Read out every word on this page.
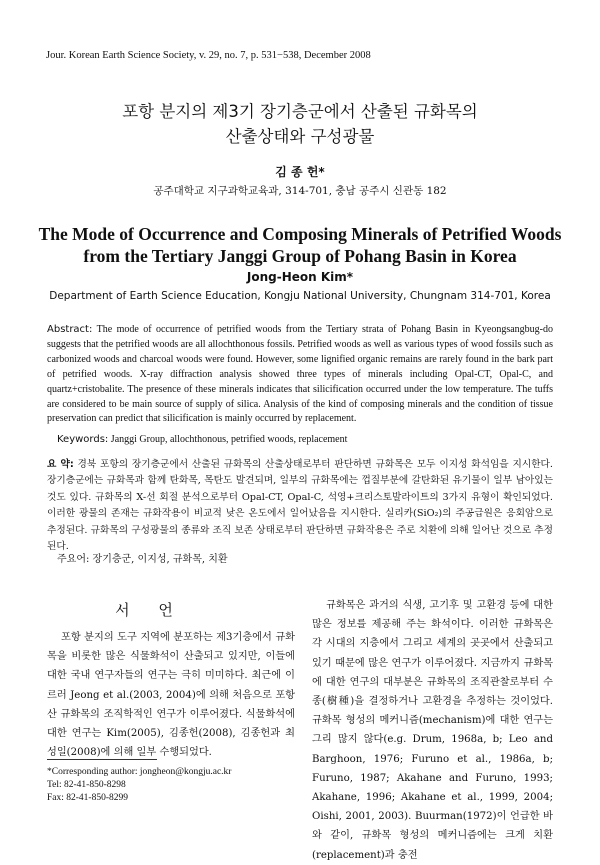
Jour. Korean Earth Science Society, v. 29, no. 7, p. 531−538, December 2008
포항 분지의 제3기 장기층군에서 산출된 규화목의
산출상태와 구성광물
김 종 헌*
공주대학교 지구과학교육과, 314-701, 충남 공주시 신관동 182
The Mode of Occurrence and Composing Minerals of Petrified Woods
from the Tertiary Janggi Group of Pohang Basin in Korea
Jong-Heon Kim*
Department of Earth Science Education, Kongju National University, Chungnam 314-701, Korea

Abstract: The mode of occurrence of petrified woods from the Tertiary strata of Pohang Basin in Kyeongsangbug-do suggests that the petrified woods are all allochthonous fossils. Petrified woods as well as various types of wood fossils such as carbonized woods and charcoal woods were found. However, some lignified organic remains are rarely found in the bark part of petrified woods. X-ray diffraction analysis showed three types of minerals including Opal-CT, Opal-C, and quartz+cristobalite. The presence of these minerals indicates that silicification occurred under the low temperature. The tuffs are considered to be main source of supply of silica. Analysis of the kind of composing minerals and the condition of tissue preservation can predict that silicification is mainly occurred by replacement.

Keywords: Janggi Group, allochthonous, petrified woods, replacement

요 약: 경북 포항의 장기층군에서 산출된 규화목의 산출상태로부터 판단하면 규화목은 모두 이지성 화석임을 지시한다. 장기층군에는 규화목과 함께 탄화목, 목탄도 발견되며, 일부의 규화목에는 껍질부분에 갈탄화된 유기물이 일부 남아있는 것도 있다. 규화목의 X-선 회절 분석으로부터 Opal-CT, Opal-C, 석영+크리스토발라이트의 3가지 유형이 확인되었다. 이러한 광물의 존재는 규화작용이 비교적 낮은 온도에서 일어났음을 지시한다. 실리카(SiO₂)의 주공급원은 응회암으로 추정된다. 규화목의 구성광물의 종류와 조직 보존 상태로부터 판단하면 규화작용은 주로 치환에 의해 일어난 것으로 추정된다.

주요어: 장기층군, 이지성, 규화목, 치환
서 언

포항 분지의 도구 지역에 분포하는 제3기층에서 규화목을 비롯한 많은 식물화석이 산출되고 있지만, 이들에 대한 국내 연구자들의 연구는 극히 미미하다. 최근에 이르러 Jeong et al.(2003, 2004)에 의해 처음으로 포항산 규화목의 조직학적인 연구가 이루어졌다. 식물화석에 대한 연구는 Kim(2005), 김종헌(2008), 김종헌과 최성일(2008)에 의해 일부 수행되었다.

규화목은 과거의 식생, 고기후 및 고환경 등에 대한 많은 정보를 제공해 주는 화석이다. 이러한 규화목은 각 시대의 지층에서 그리고 세계의 곳곳에서 산출되고 있기 때문에 많은 연구가 이루어졌다. 지금까지 규화목에 대한 연구의 대부분은 규화목의 조직관찰로부터 수종(樹種)을 결정하거나 고환경을 추정하는 것이었다. 규화목 형성의 메커니즘(mechanism)에 대한 연구는 그리 많지 않다(e.g. Drum, 1968a, b; Leo and Barghoon, 1976; Furuno et al., 1986a, b; Furuno, 1987; Akahane and Furuno, 1993; Akahane, 1996; Akahane et al., 1999, 2004; Oishi, 2001, 2003). Buurman(1972)이 언급한 바와 같이, 규화목 형성의 메커니즘에는 크게 치환(replacement)과 충전

*Corresponding author: jongheon@kongju.ac.kr
Tel: 82-41-850-8298
Fax: 82-41-850-8299
